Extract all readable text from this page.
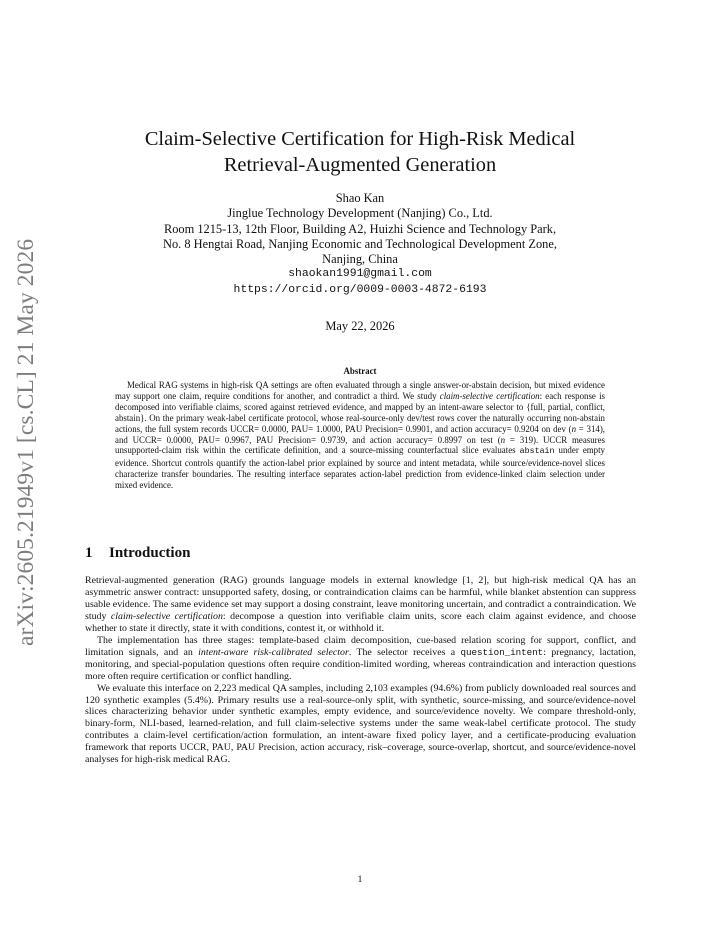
arXiv:2605.21949v1 [cs.CL] 21 May 2026
Claim-Selective Certification for High-Risk Medical
Retrieval-Augmented Generation
Shao Kan
Jinglue Technology Development (Nanjing) Co., Ltd.
Room 1215-13, 12th Floor, Building A2, Huizhi Science and Technology Park,
No. 8 Hengtai Road, Nanjing Economic and Technological Development Zone,
Nanjing, China
shaokan1991@gmail.com
https://orcid.org/0009-0003-4872-6193
May 22, 2026
Abstract

Medical RAG systems in high-risk QA settings are often evaluated through a single answer-or-abstain decision, but mixed evidence may support one claim, require conditions for another, and contradict a third. We study claim-selective certification: each response is decomposed into verifiable claims, scored against retrieved evidence, and mapped by an intent-aware selector to {full, partial, conflict, abstain}. On the primary weak-label certificate protocol, whose real-source-only dev/test rows cover the naturally occurring non-abstain actions, the full system records UCCR= 0.0000, PAU= 1.0000, PAU Precision= 0.9901, and action accuracy= 0.9204 on dev (n = 314), and UCCR= 0.0000, PAU= 0.9967, PAU Precision= 0.9739, and action accuracy= 0.8997 on test (n = 319). UCCR measures unsupported-claim risk within the certificate definition, and a source-missing counterfactual slice evaluates abstain under empty evidence. Shortcut controls quantify the action-label prior explained by source and intent metadata, while source/evidence-novel slices characterize transfer boundaries. The resulting interface separates action-label prediction from evidence-linked claim selection under mixed evidence.

1 Introduction

Retrieval-augmented generation (RAG) grounds language models in external knowledge [1, 2], but high-risk medical QA has an asymmetric answer contract: unsupported safety, dosing, or contraindication claims can be harmful, while blanket abstention can suppress usable evidence. The same evidence set may support a dosing constraint, leave monitoring uncertain, and contradict a contraindication. We study claim-selective certification: decompose a question into verifiable claim units, score each claim against evidence, and choose whether to state it directly, state it with conditions, contest it, or withhold it.

The implementation has three stages: template-based claim decomposition, cue-based relation scoring for support, conflict, and limitation signals, and an intent-aware risk-calibrated selector. The selector receives a question_intent: pregnancy, lactation, monitoring, and special-population questions often require condition-limited wording, whereas contraindication and interaction questions more often require certification or conflict handling.

We evaluate this interface on 2,223 medical QA samples, including 2,103 examples (94.6%) from publicly downloaded real sources and 120 synthetic examples (5.4%). Primary results use a real-source-only split, with synthetic, source-missing, and source/evidence-novel slices characterizing behavior under synthetic examples, empty evidence, and source/evidence novelty. We compare threshold-only, binary-form, NLI-based, learned-relation, and full claim-selective systems under the same weak-label certificate protocol. The study contributes a claim-level certification/action formulation, an intent-aware fixed policy layer, and a certificate-producing evaluation framework that reports UCCR, PAU, PAU Precision, action accuracy, risk–coverage, source-overlap, shortcut, and source/evidence-novel analyses for high-risk medical RAG.

1
